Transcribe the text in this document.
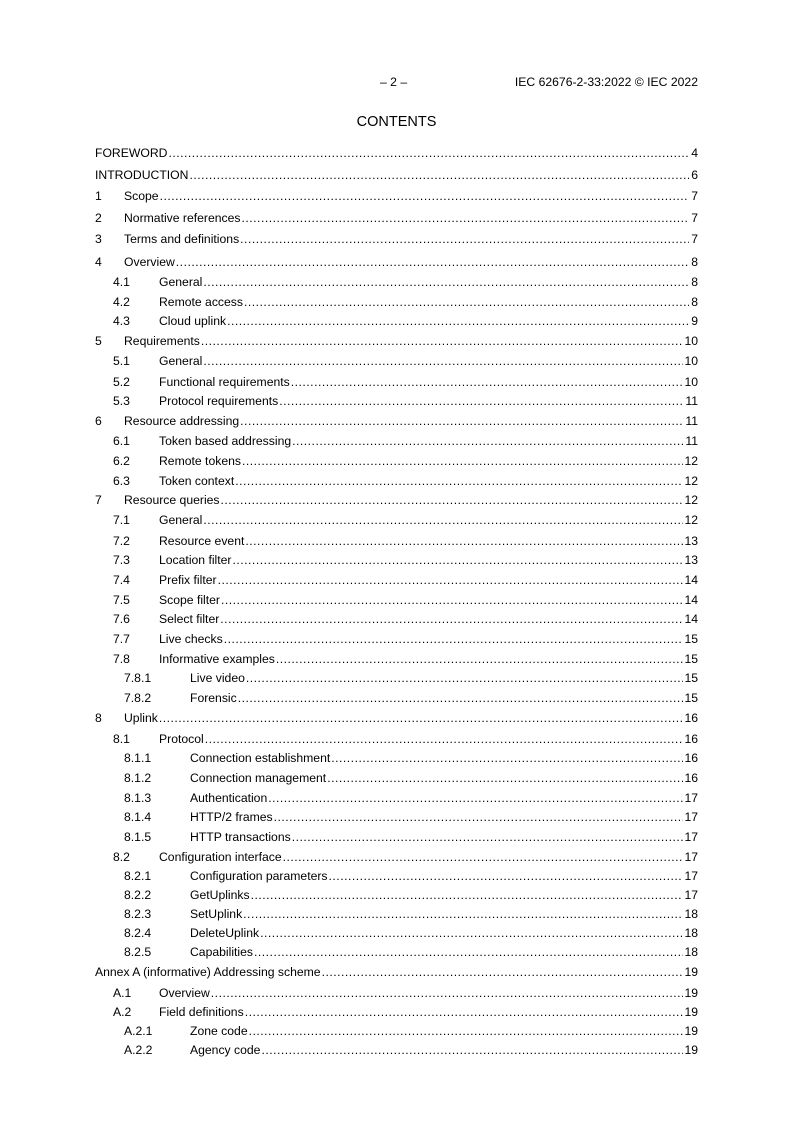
– 2 –	IEC 62676-2-33:2022 © IEC 2022
CONTENTS
FOREWORD .....	4
INTRODUCTION .....	6
1	Scope .....	7
2	Normative references .....	7
3	Terms and definitions .....	7
4	Overview .....	8
4.1	General .....	8
4.2	Remote access .....	8
4.3	Cloud uplink .....	9
5	Requirements .....	10
5.1	General .....	10
5.2	Functional requirements .....	10
5.3	Protocol requirements .....	11
6	Resource addressing .....	11
6.1	Token based addressing .....	11
6.2	Remote tokens .....	12
6.3	Token context .....	12
7	Resource queries .....	12
7.1	General .....	12
7.2	Resource event .....	13
7.3	Location filter .....	13
7.4	Prefix filter .....	14
7.5	Scope filter .....	14
7.6	Select filter .....	14
7.7	Live checks .....	15
7.8	Informative examples .....	15
7.8.1	Live video .....	15
7.8.2	Forensic .....	15
8	Uplink .....	16
8.1	Protocol .....	16
8.1.1	Connection establishment .....	16
8.1.2	Connection management .....	16
8.1.3	Authentication .....	17
8.1.4	HTTP/2 frames .....	17
8.1.5	HTTP transactions .....	17
8.2	Configuration interface .....	17
8.2.1	Configuration parameters .....	17
8.2.2	GetUplinks .....	17
8.2.3	SetUplink .....	18
8.2.4	DeleteUplink .....	18
8.2.5	Capabilities .....	18
Annex A (informative) Addressing scheme .....	19
A.1	Overview .....	19
A.2	Field definitions .....	19
A.2.1	Zone code .....	19
A.2.2	Agency code .....	19
